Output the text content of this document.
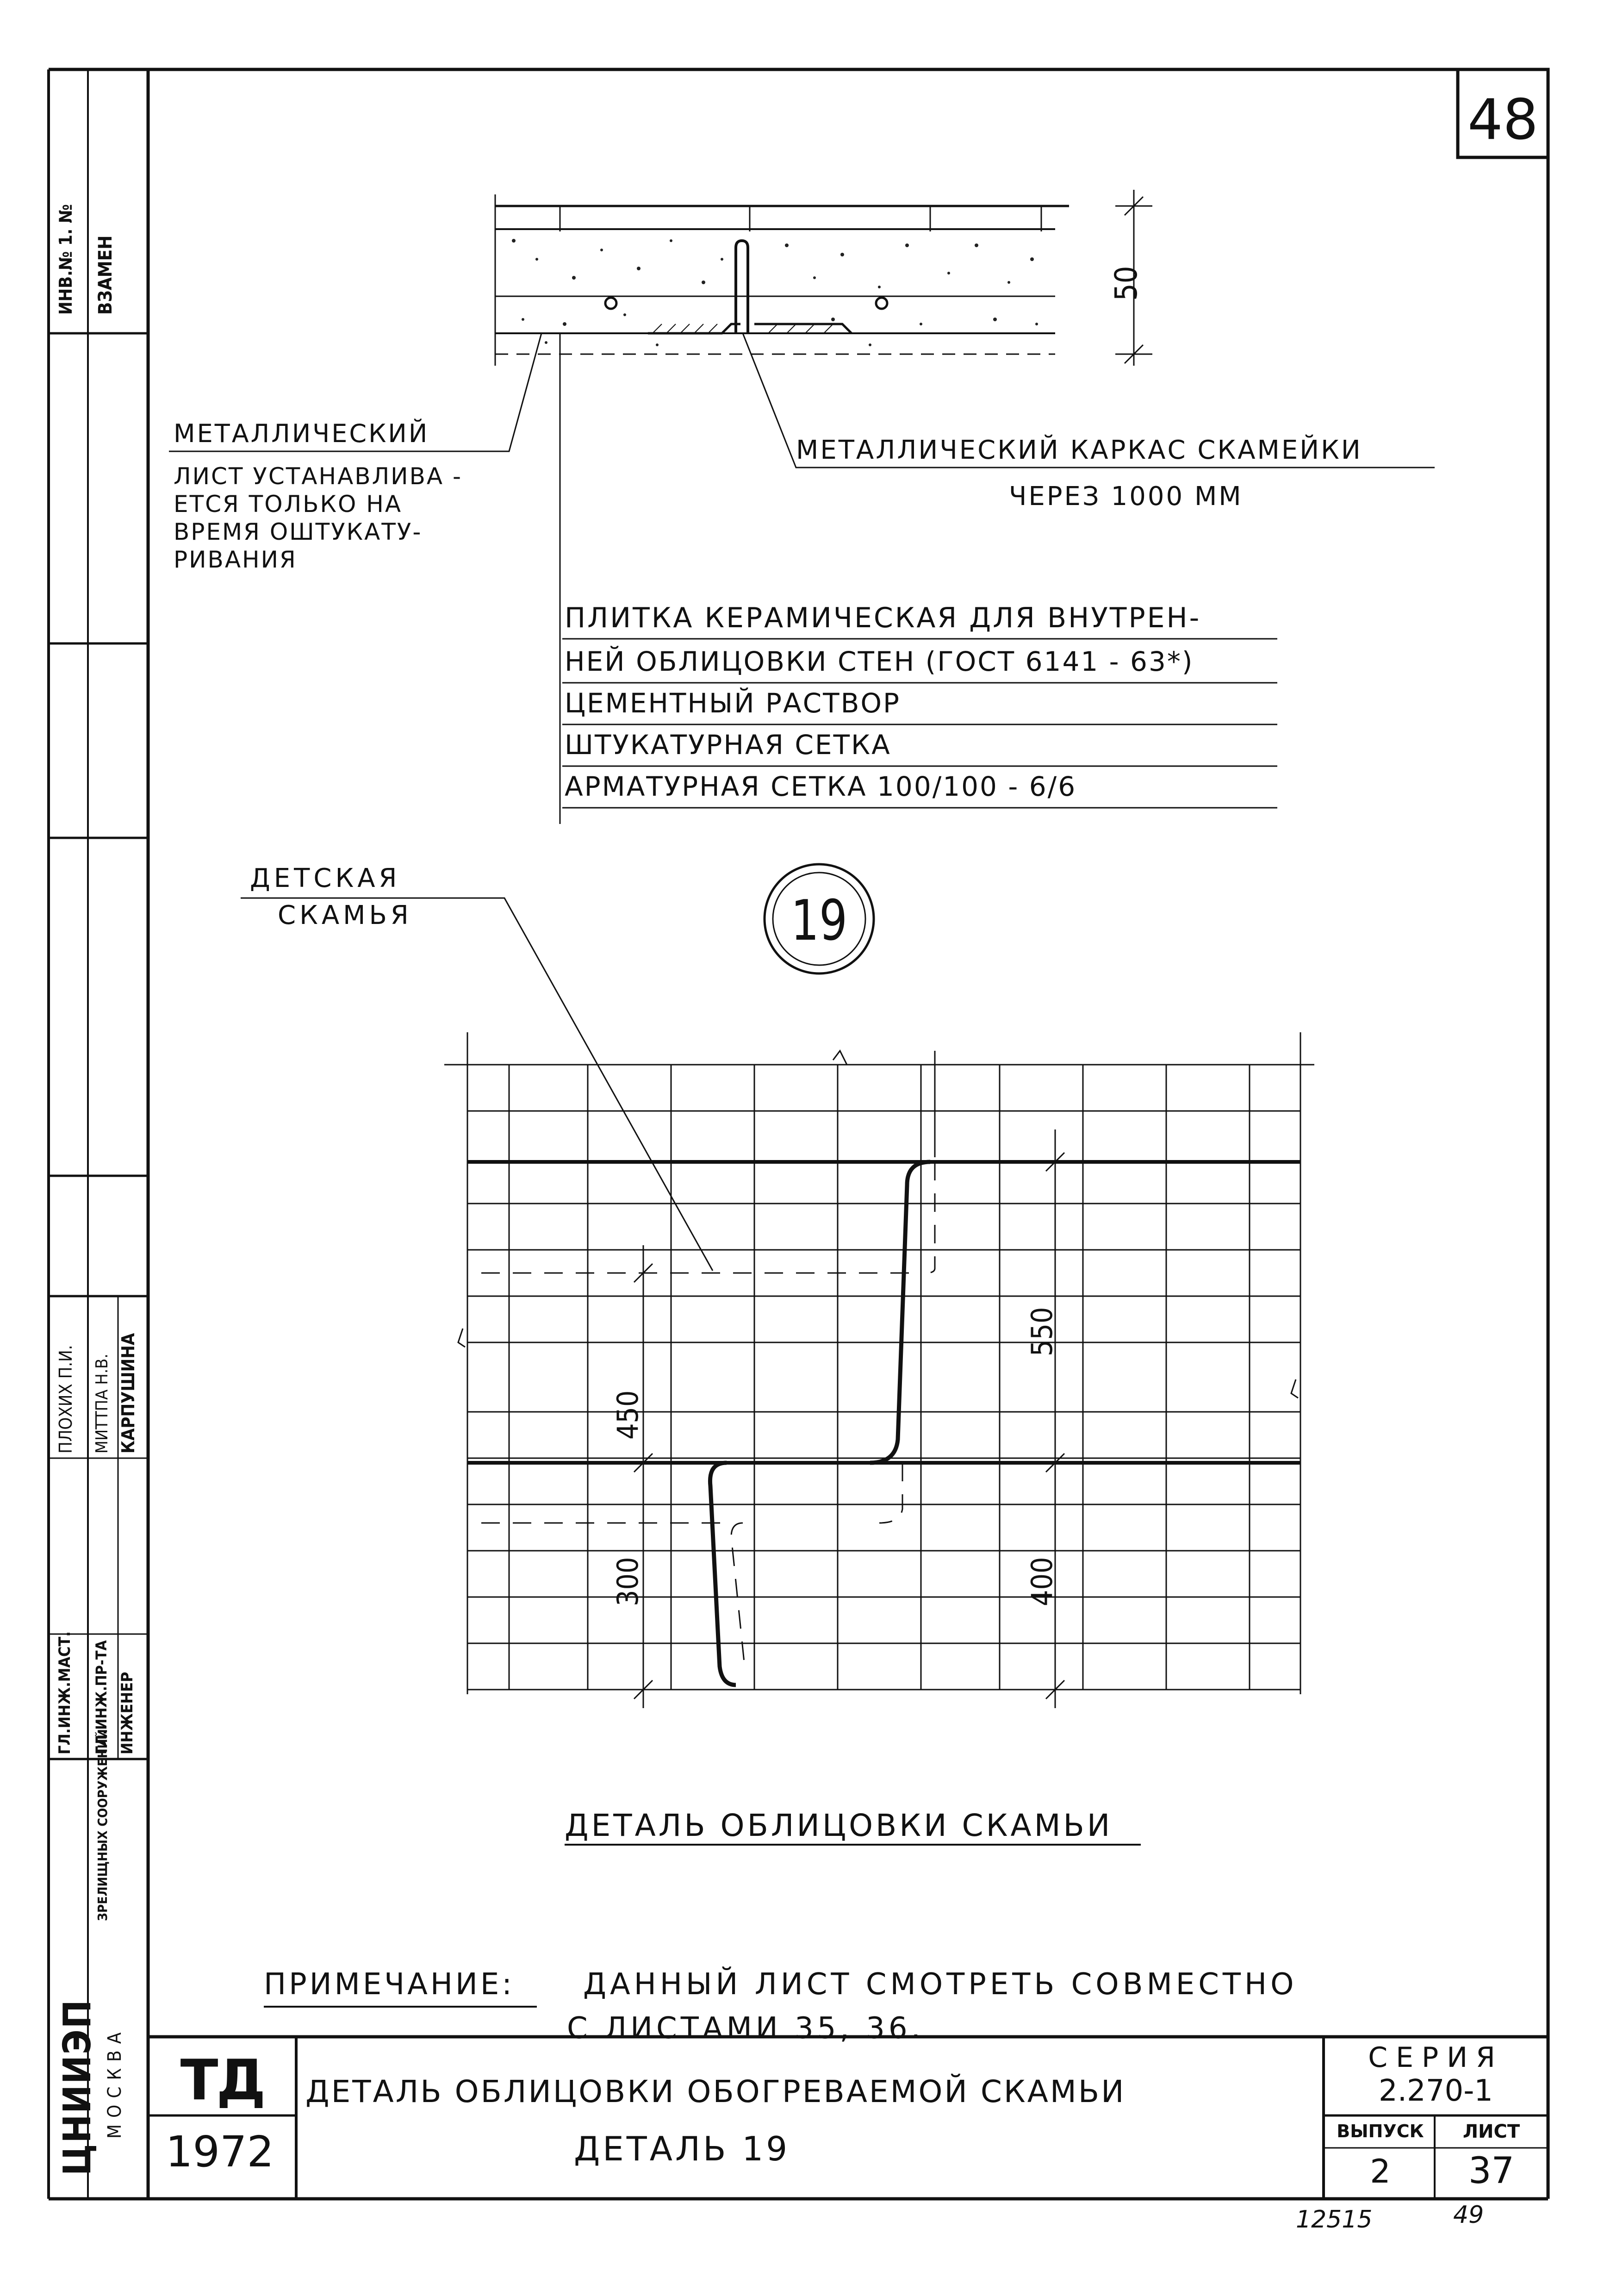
48
50
МЕТАЛЛИЧЕСКИЙ
ЛИСТ УСТАНАВЛИВА -
ЕТСЯ ТОЛЬКО НА
ВРЕМЯ ОШТУКАТУ-
РИВАНИЯ
МЕТАЛЛИЧЕСКИЙ КАРКАС СКАМЕЙКИ
ЧЕРЕЗ 1000 ММ
ПЛИТКА КЕРАМИЧЕСКАЯ ДЛЯ ВНУТРЕН-
НЕЙ ОБЛИЦОВКИ СТЕН (ГОСТ 6141 - 63*)
ЦЕМЕНТНЫЙ РАСТВОР
ШТУКАТУРНАЯ СЕТКА
АРМАТУРНАЯ СЕТКА 100/100 - 6/6
19
ДЕТСКАЯ
СКАМЬЯ
450
550
300	400
ДЕТАЛЬ ОБЛИЦОВКИ СКАМЬИ
ПРИМЕЧАНИЕ: ДАННЫЙ ЛИСТ СМОТРЕТЬ СОВМЕСТНО
С ЛИСТАМИ 35, 36.
ИНВ.№ 1. № ВЗАМЕН
ГЛ.ИНЖ.МАСТ. ГЛ.ИНЖ.ПР-ТА ИНЖЕНЕР
ПЛОХИХ П.И. МИТТПА Н.В. КАРПУШИНА
ЦНИИЭП
ЗРЕЛИЩНЫХ СООРУЖЕНИЙ
МОСКВА ТД
1972
ДЕТАЛЬ ОБЛИЦОВКИ ОБОГРЕВАЕМОЙ СКАМЬИ
ДЕТАЛЬ 19
СЕРИЯ
2.270-1
ВЫПУСК
2
ЛИСТ
37
12515	49
